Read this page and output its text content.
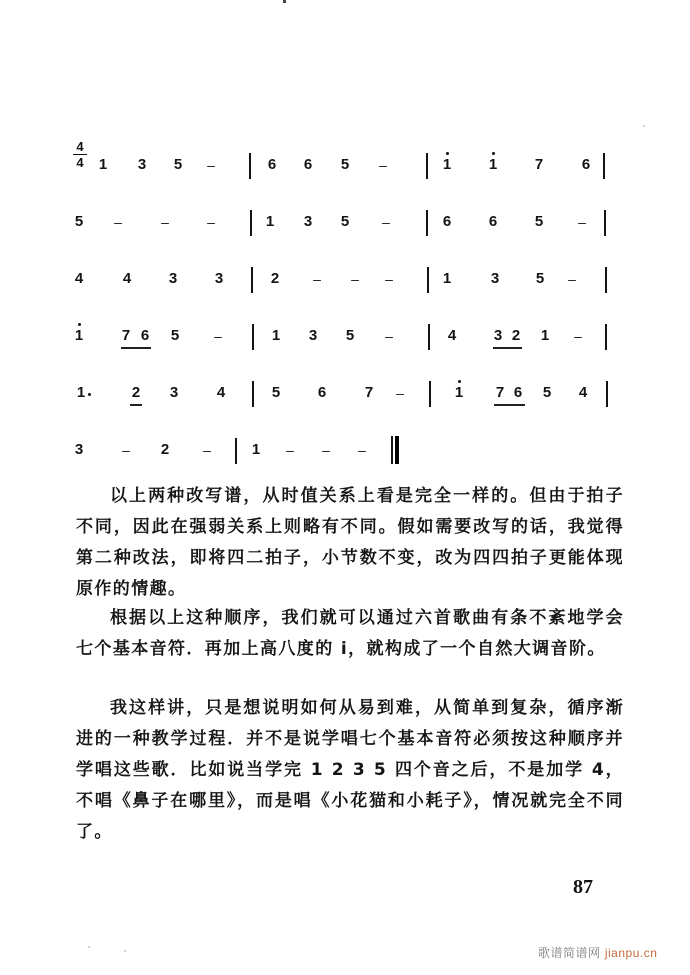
$\frac{4}{4} 1$	3	5	–	6	6	5	–	1	1	7	6
5	–	–	–	1	3	5	–	6	6	5	–
4	4	3	3	2	–	–	–	1	3	5	–
1	7 6	5	–	1	3	5	–	4	3 2	1	–
1	2	3	4	5	6	7	–	1	7 6	5	4
3	–	2	–	1	–	–	–

以上两种改写谱，从时值关系上看是完全一样的。但由于拍子不同，因此在强弱关系上则略有不同。假如需要改写的话，我觉得第二种改法，即将四二拍子，小节数不变，改为四四拍子更能体现原作的情趣。

根据以上这种顺序，我们就可以通过六首歌曲有条不紊地学会七个基本音符．再加上高八度的 i̇，就构成了一个自然大调音阶。

我这样讲，只是想说明如何从易到难，从简单到复杂，循序渐进的一种教学过程．并不是说学唱七个基本音符必须按这种顺序并学唱这些歌．比如说当学完 1 2 3 5 四个音之后，不是加学 4，不唱《鼻子在哪里》，而是唱《小花猫和小耗子》，情况就完全不同了。

87
歌谱简谱网 jianpu.cn
